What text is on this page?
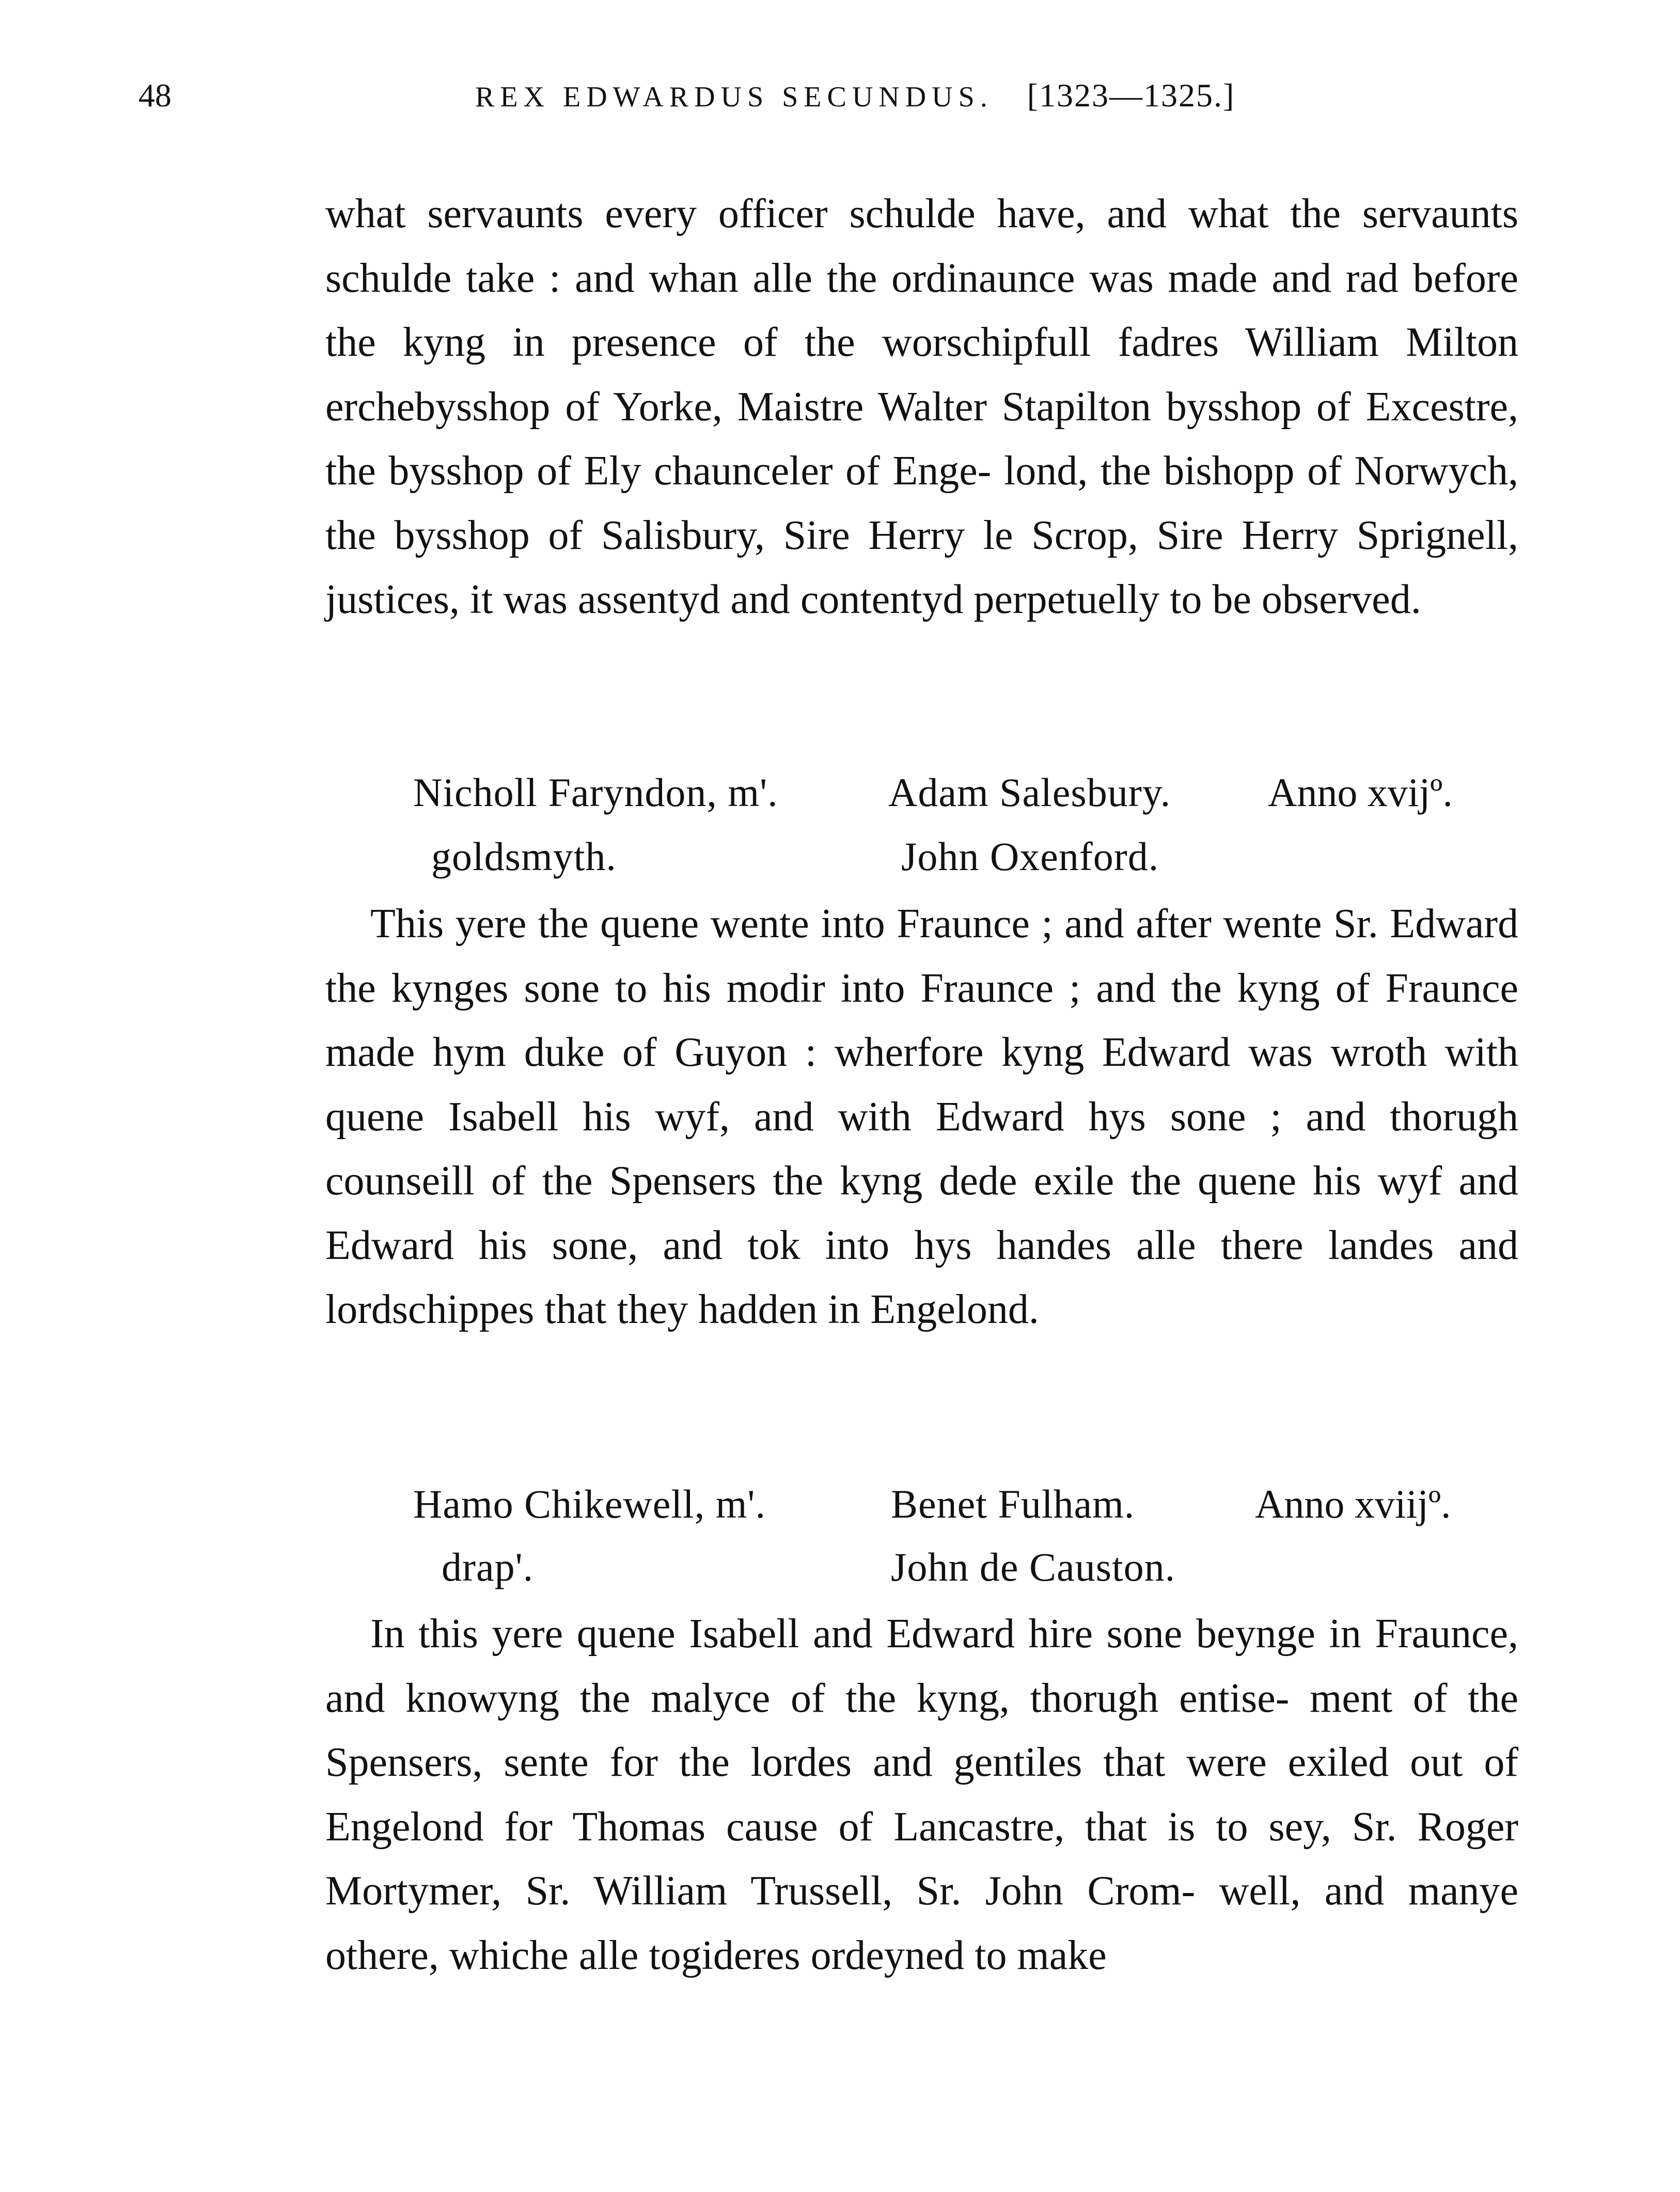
48	REX EDWARDUS SECUNDUS. [1323—1325.]

what servaunts every officer schulde have, and what the servaunts schulde take : and whan alle the ordinaunce was made and rad before the kyng in presence of the worschipfull fadres William Milton erchebysshop of Yorke, Maistre Walter Stapilton bysshop of Excestre, the bysshop of Ely chaunceler of Enge- lond, the bishopp of Norwych, the bysshop of Salisbury, Sire Herry le Scrop, Sire Herry Sprignell, justices, it was assentyd and contentyd perpetuelly to be observed.

Nicholl Faryndon, m'.	Adam Salesbury. Anno xvijº.
goldsmyth.	John Oxenford.

This yere the quene wente into Fraunce ; and after wente Sr. Edward the kynges sone to his modir into Fraunce ; and the kyng of Fraunce made hym duke of Guyon : wherfore kyng Edward was wroth with quene Isabell his wyf, and with Edward hys sone ; and thorugh counseill of the Spensers the kyng dede exile the quene his wyf and Edward his sone, and tok into hys handes alle there landes and lordschippes that they hadden in Engelond.

Hamo Chikewell, m'.	Benet Fulham.	Anno xviijº.
drap'.	John de Causton.

In this yere quene Isabell and Edward hire sone beynge in Fraunce, and knowyng the malyce of the kyng, thorugh entise- ment of the Spensers, sente for the lordes and gentiles that were exiled out of Engelond for Thomas cause of Lancastre, that is to sey, Sr. Roger Mortymer, Sr. William Trussell, Sr. John Crom- well, and manye othere, whiche alle togideres ordeyned to make
